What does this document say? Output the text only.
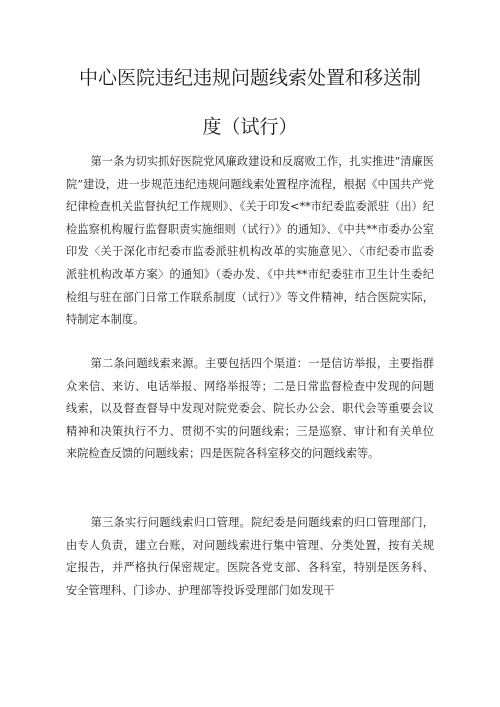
中心医院违纪违规问题线索处置和移送制
度（试行）

第一条为切实抓好医院党风廉政建设和反腐败工作，扎实推进“清廉医院”建设，进一步规范违纪违规问题线索处置程序流程，根据《中国共产党纪律检查机关监督执纪工作规则》、《关于印发<**市纪委监委派驻（出）纪检监察机构履行监督职责实施细则（试行）》的通知》、《中共**市委办公室印发〈关于深化市纪委市监委派驻机构改革的实施意见〉、〈市纪委市监委派驻机构改革方案〉的通知》（委办发、《中共**市纪委驻市卫生计生委纪检组与驻在部门日常工作联系制度（试行）》等文件精神，结合医院实际，特制定本制度。

第二条问题线索来源。主要包括四个渠道：一是信访举报，主要指群众来信、来访、电话举报、网络举报等；二是日常监督检查中发现的问题线索，以及督查督导中发现对院党委会、院长办公会、职代会等重要会议精神和决策执行不力、贯彻不实的问题线索；三是巡察、审计和有关单位来院检查反馈的问题线索；四是医院各科室移交的问题线索等。

第三条实行问题线索归口管理。院纪委是问题线索的归口管理部门，由专人负责，建立台账，对问题线索进行集中管理、分类处置，按有关规定报告，并严格执行保密规定。医院各党支部、各科室，特别是医务科、安全管理科、门诊办、护理部等投诉受理部门如发现干
